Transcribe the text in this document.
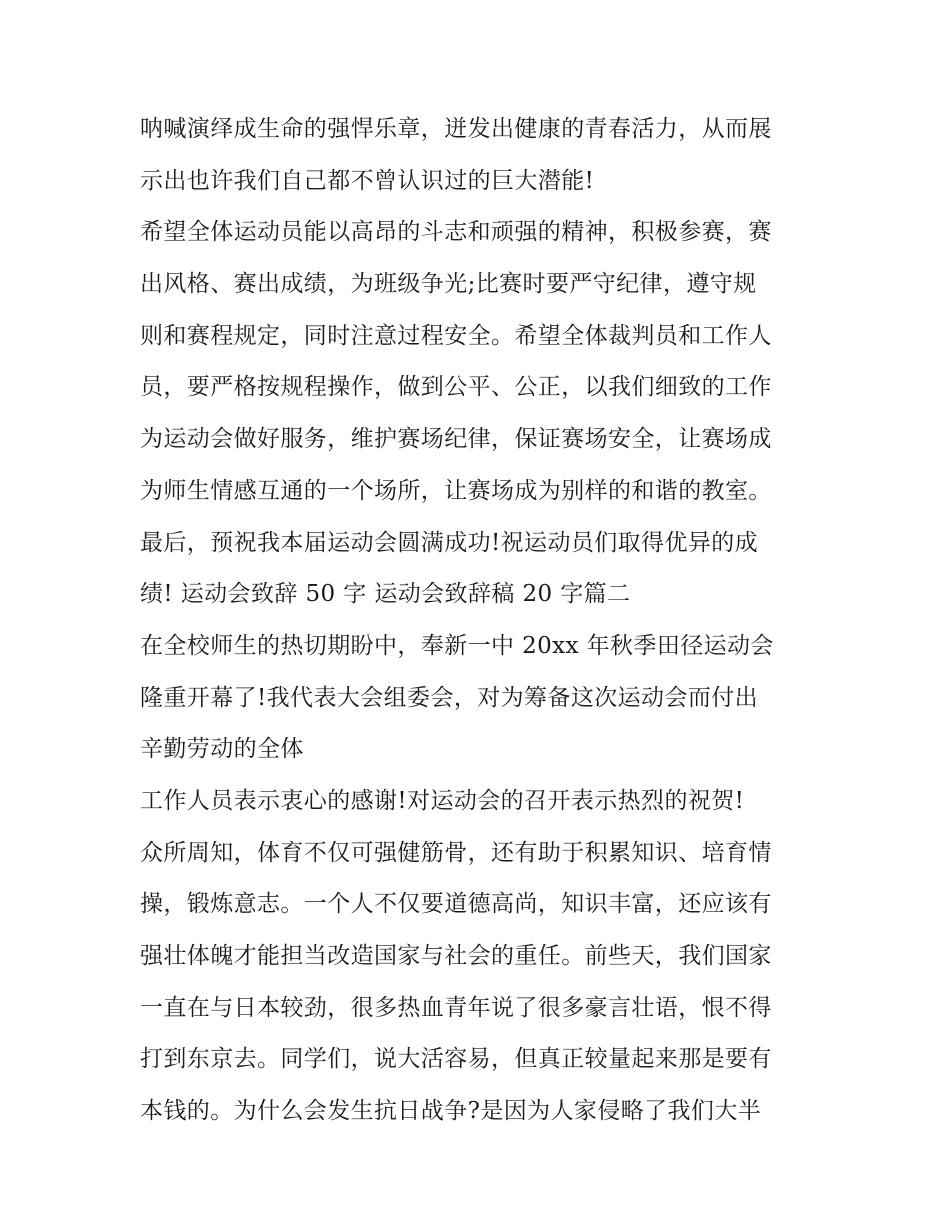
呐喊演绎成生命的强悍乐章，迸发出健康的青春活力，从而展
示出也许我们自己都不曾认识过的巨大潜能!
希望全体运动员能以高昂的斗志和顽强的精神，积极参赛，赛
出风格、赛出成绩，为班级争光;比赛时要严守纪律，遵守规
则和赛程规定，同时注意过程安全。希望全体裁判员和工作人
员，要严格按规程操作，做到公平、公正，以我们细致的工作
为运动会做好服务，维护赛场纪律，保证赛场安全，让赛场成
为师生情感互通的一个场所，让赛场成为别样的和谐的教室。
最后，预祝我本届运动会圆满成功!祝运动员们取得优异的成
绩! 运动会致辞 50 字 运动会致辞稿 20 字篇二
在全校师生的热切期盼中，奉新一中 20xx 年秋季田径运动会
隆重开幕了!我代表大会组委会，对为筹备这次运动会而付出
辛勤劳动的全体
工作人员表示衷心的感谢!对运动会的召开表示热烈的祝贺!
众所周知，体育不仅可强健筋骨，还有助于积累知识、培育情
操，锻炼意志。一个人不仅要道德高尚，知识丰富，还应该有
强壮体魄才能担当改造国家与社会的重任。前些天，我们国家
一直在与日本较劲，很多热血青年说了很多豪言壮语，恨不得
打到东京去。同学们，说大活容易，但真正较量起来那是要有
本钱的。为什么会发生抗日战争?是因为人家侵略了我们大半
